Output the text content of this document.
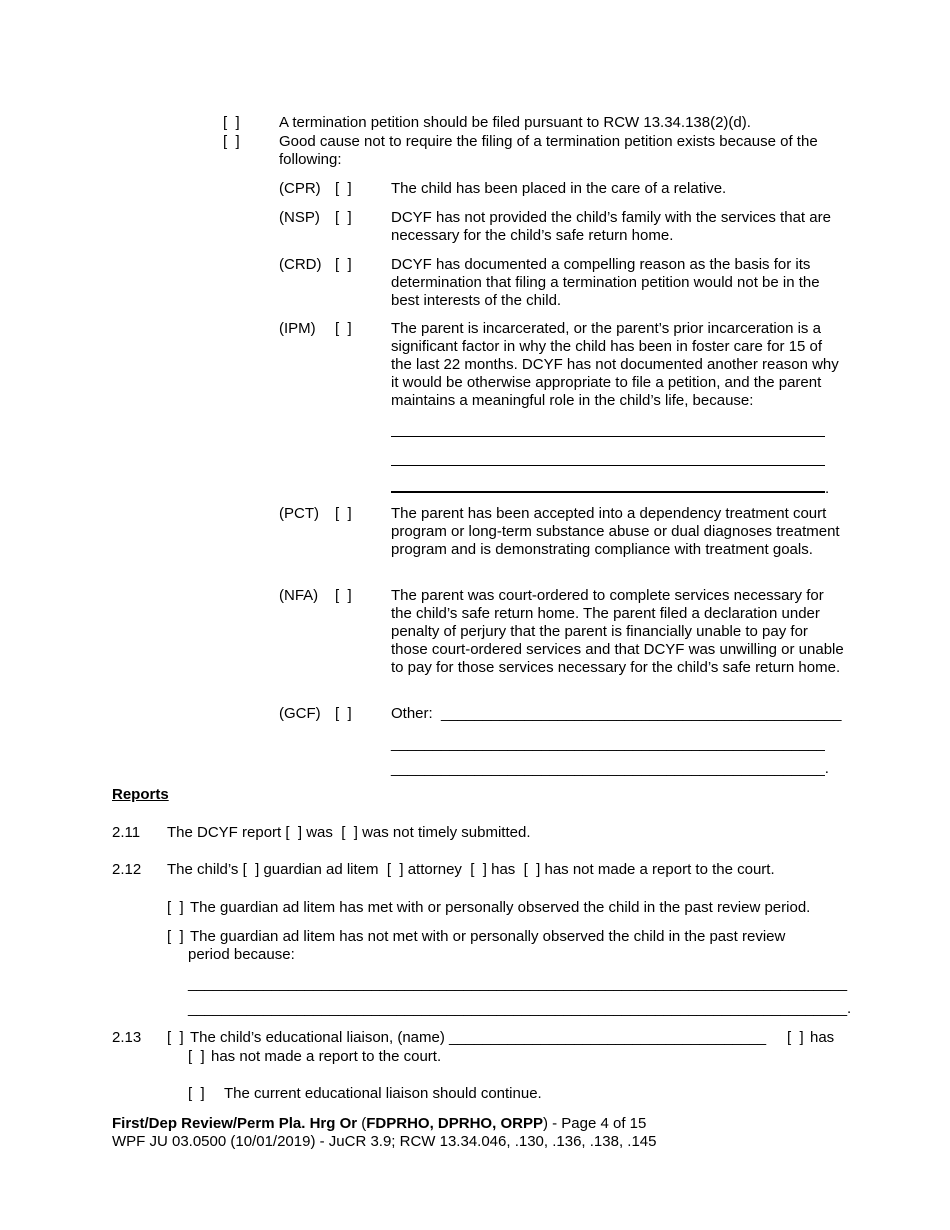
[  ]	A termination petition should be filed pursuant to RCW 13.34.138(2)(d).
[  ]	Good cause not to require the filing of a termination petition exists because of the following:
(CPR) [  ]	The child has been placed in the care of a relative.
(NSP) [  ]	DCYF has not provided the child’s family with the services that are necessary for the child’s safe return home.
(CRD) [  ]	DCYF has documented a compelling reason as the basis for its determination that filing a termination petition would not be in the best interests of the child.
(IPM) [  ]	The parent is incarcerated, or the parent’s prior incarceration is a significant factor in why the child has been in foster care for 15 of the last 22 months. DCYF has not documented another reason why it would be otherwise appropriate to file a petition, and the parent maintains a meaningful role in the child’s life, because:
.
(PCT) [  ]	The parent has been accepted into a dependency treatment court program or long-term substance abuse or dual diagnoses treatment program and is demonstrating compliance with treatment goals.
(NFA) [  ]	The parent was court-ordered to complete services necessary for the child’s safe return home. The parent filed a declaration under penalty of perjury that the parent is financially unable to pay for those court-ordered services and that DCYF was unwilling or unable to pay for those services necessary for the child’s safe return home.
(GCF) [  ]	Other: ________________________________________________
____________________________________________________
____________________________________________________.
Reports
2.11 The DCYF report [  ] was [  ] was not timely submitted.
2.12 The child’s [  ] guardian ad litem [  ] attorney [  ] has [  ] has not made a report to the court.
[  ] The guardian ad litem has met with or personally observed the child in the past review period.
[  ] The guardian ad litem has not met with or personally observed the child in the past review
period because:
_______________________________________________________________________________
_______________________________________________________________________________.
2.13 [  ] The child’s educational liaison, (name) ______________________________________ [  ] has
[  ] has not made a report to the court.
[  ] The current educational liaison should continue.
First/Dep Review/Perm Pla. Hrg Or (FDPRHO, DPRHO, ORPP) - Page 4 of 15
WPF JU 03.0500 (10/01/2019) - JuCR 3.9; RCW 13.34.046, .130, .136, .138, .145
